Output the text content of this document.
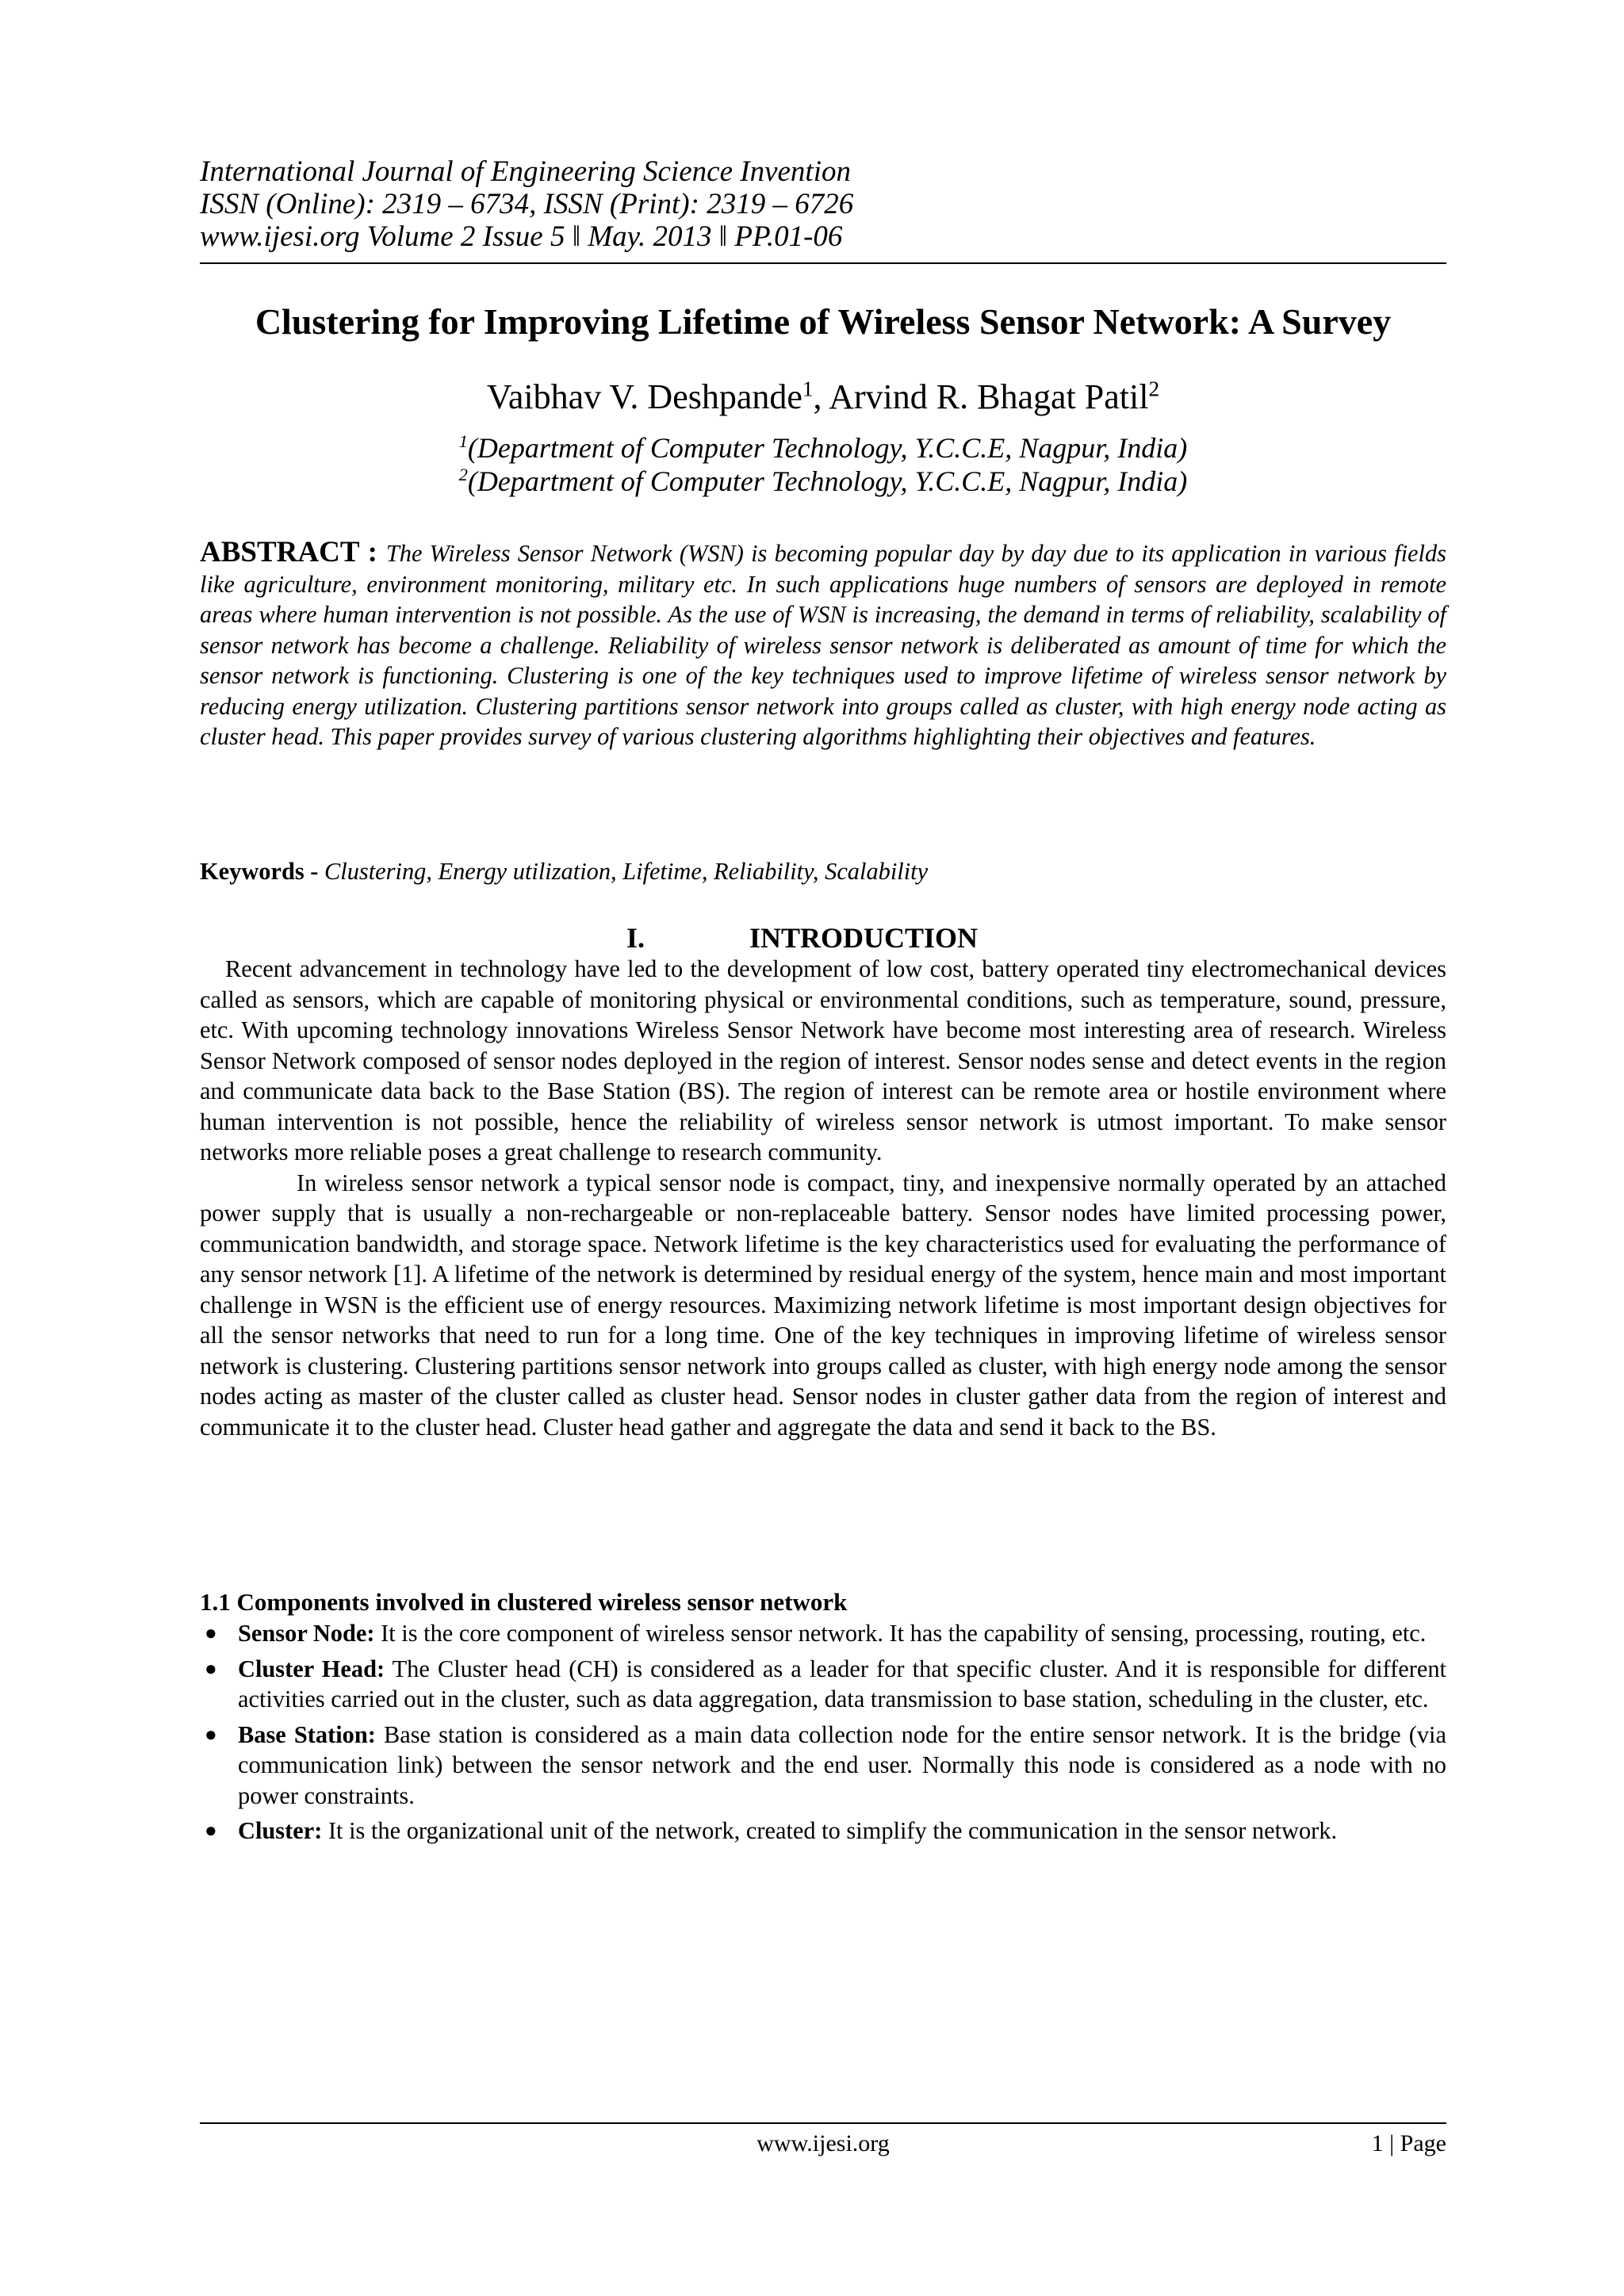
International Journal of Engineering Science Invention
ISSN (Online): 2319 – 6734, ISSN (Print): 2319 – 6726
www.ijesi.org Volume 2 Issue 5 ǁ May. 2013 ǁ PP.01-06
Clustering for Improving Lifetime of Wireless Sensor Network: A Survey
Vaibhav V. Deshpande$^1$, Arvind R. Bhagat Patil$^2$
$^1$(Department of Computer Technology, Y.C.C.E, Nagpur, India)
$^2$(Department of Computer Technology, Y.C.C.E, Nagpur, India)
ABSTRACT : The Wireless Sensor Network (WSN) is becoming popular day by day due to its application in various fields like agriculture, environment monitoring, military etc. In such applications huge numbers of sensors are deployed in remote areas where human intervention is not possible. As the use of WSN is increasing, the demand in terms of reliability, scalability of sensor network has become a challenge. Reliability of wireless sensor network is deliberated as amount of time for which the sensor network is functioning. Clustering is one of the key techniques used to improve lifetime of wireless sensor network by reducing energy utilization. Clustering partitions sensor network into groups called as cluster, with high energy node acting as cluster head. This paper provides survey of various clustering algorithms highlighting their objectives and features.
Keywords - Clustering, Energy utilization, Lifetime, Reliability, Scalability
I.	INTRODUCTION

Recent advancement in technology have led to the development of low cost, battery operated tiny electromechanical devices called as sensors, which are capable of monitoring physical or environmental conditions, such as temperature, sound, pressure, etc. With upcoming technology innovations Wireless Sensor Network have become most interesting area of research. Wireless Sensor Network composed of sensor nodes deployed in the region of interest. Sensor nodes sense and detect events in the region and communicate data back to the Base Station (BS). The region of interest can be remote area or hostile environment where human intervention is not possible, hence the reliability of wireless sensor network is utmost important. To make sensor networks more reliable poses a great challenge to research community.

In wireless sensor network a typical sensor node is compact, tiny, and inexpensive normally operated by an attached power supply that is usually a non-rechargeable or non-replaceable battery. Sensor nodes have limited processing power, communication bandwidth, and storage space. Network lifetime is the key characteristics used for evaluating the performance of any sensor network [1]. A lifetime of the network is determined by residual energy of the system, hence main and most important challenge in WSN is the efficient use of energy resources. Maximizing network lifetime is most important design objectives for all the sensor networks that need to run for a long time. One of the key techniques in improving lifetime of wireless sensor network is clustering. Clustering partitions sensor network into groups called as cluster, with high energy node among the sensor nodes acting as master of the cluster called as cluster head. Sensor nodes in cluster gather data from the region of interest and communicate it to the cluster head. Cluster head gather and aggregate the data and send it back to the BS.

1.1 Components involved in clustered wireless sensor network
● Sensor Node: It is the core component of wireless sensor network. It has the capability of sensing, processing, routing, etc.
● Cluster Head: The Cluster head (CH) is considered as a leader for that specific cluster. And it is responsible for different activities carried out in the cluster, such as data aggregation, data transmission to base station, scheduling in the cluster, etc.
● Base Station: Base station is considered as a main data collection node for the entire sensor network. It is the bridge (via communication link) between the sensor network and the end user. Normally this node is considered as a node with no power constraints.
● Cluster: It is the organizational unit of the network, created to simplify the communication in the sensor network.
www.ijesi.org	1 | Page
